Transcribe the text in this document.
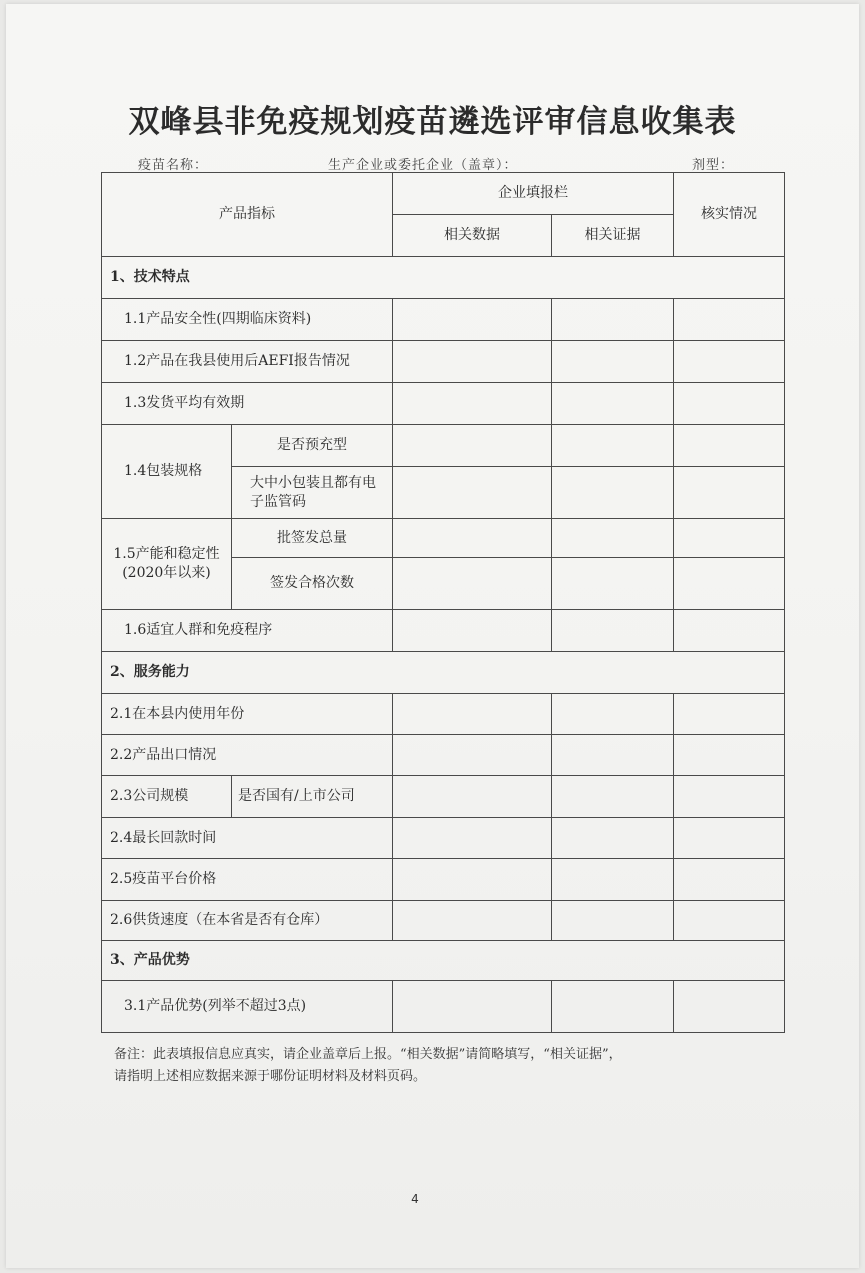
双峰县非免疫规划疫苗遴选评审信息收集表
疫苗名称：	生产企业或委托企业（盖章）：	剂型：
产品指标		企业填报栏		核实情况
		相关数据	相关证据	
1、技术特点				
1.1产品安全性(四期临床资料)				
1.2产品在我县使用后AEFI报告情况				
1.3发货平均有效期				
1.4包装规格	是否预充型			
	大中小包装且都有电子监管码			
1.5产能和稳定性(2020年以来)	批签发总量			
	签发合格次数			
1.6适宜人群和免疫程序				
2、服务能力				
2.1在本县内使用年份				
2.2产品出口情况				
2.3公司规模	是否国有/上市公司			
2.4最长回款时间				
2.5疫苗平台价格				
2.6供货速度（在本省是否有仓库）				
3、产品优势				
3.1产品优势(列举不超过3点)				

备注：此表填报信息应真实，请企业盖章后上报。“相关数据”请简略填写，“相关证据”，

请指明上述相应数据来源于哪份证明材料及材料页码。

4
